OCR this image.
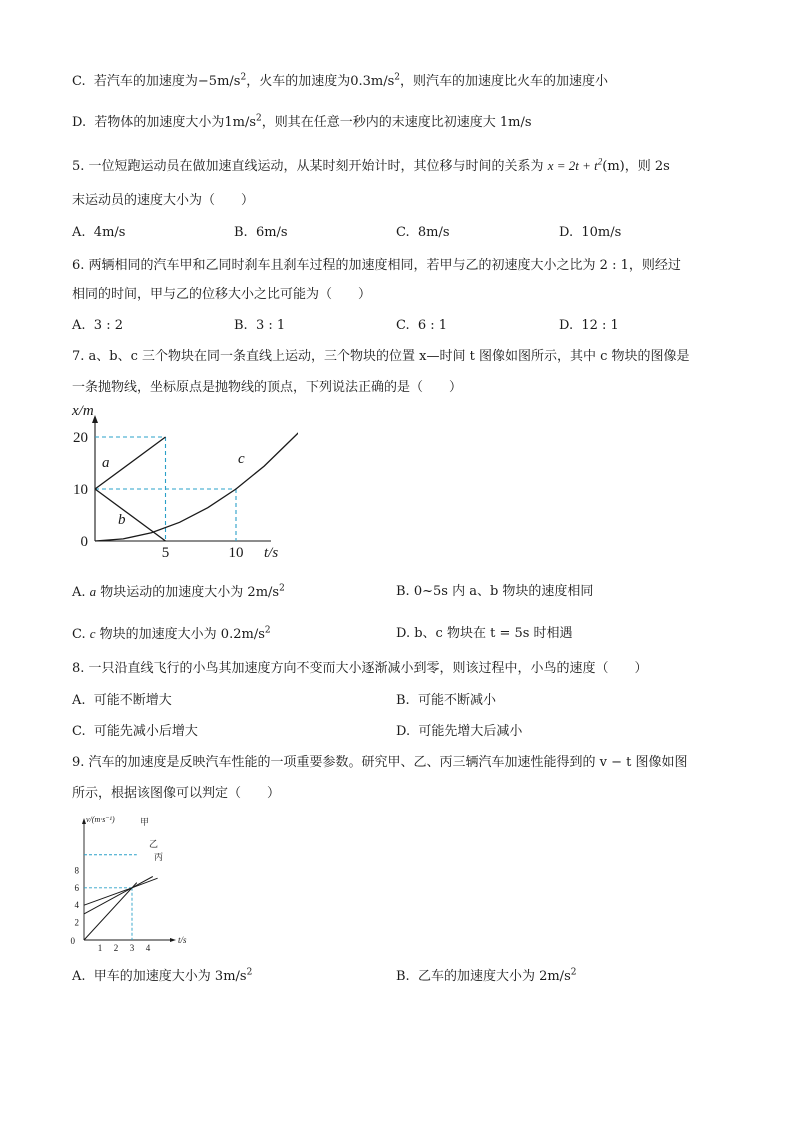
C. 若汽车的加速度为$-5m/s^2$，火车的加速度为$0.3m/s^2$，则汽车的加速度比火车的加速度小
D. 若物体的加速度大小为$1m/s^2$，则其在任意一秒内的末速度比初速度大 1m/s
5. 一位短跑运动员在做加速直线运动，从某时刻开始计时，其位移与时间的关系为 $x = 2t + t^2(m)$，则 2s
末运动员的速度大小为（　　）
A. 4m/s	B. 6m/s	C. 8m/s	D. 10m/s
6. 两辆相同的汽车甲和乙同时刹车且刹车过程的加速度相同，若甲与乙的初速度大小之比为 2 : 1，则经过
相同的时间，甲与乙的位移大小之比可能为（　　）
A. 3 : 2	B. 3 : 1	C. 6 : 1	D. 12 : 1
7. a、b、c 三个物块在同一条直线上运动，三个物块的位置 x—时间 t 图像如图所示，其中 c 物块的图像是
一条抛物线，坐标原点是抛物线的顶点，下列说法正确的是（　　）
x/m
t/s
20
10
0
5	10
a
b
c
A. a 物块运动的加速度大小为 $2m/s^2$	B. 0~5s 内 a、b 物块的速度相同
C. c 物块的加速度大小为 $0.2m/s^2$	D. b、c 物块在 t = 5s 时相遇
8. 一只沿直线飞行的小鸟其加速度方向不变而大小逐渐减小到零，则该过程中，小鸟的速度（　　）
A. 可能不断增大	B. 可能不断减小
C. 可能先减小后增大	D. 可能先增大后减小
9. 汽车的加速度是反映汽车性能的一项重要参数。研究甲、乙、丙三辆汽车加速性能得到的 v − t 图像如图
所示，根据该图像可以判定（　　）
v/(m·s⁻¹)
t/s
2
4
6
8
0
1 2 3 4
甲
乙
丙
A. 甲车的加速度大小为 $3m/s^2$	B. 乙车的加速度大小为 $2m/s^2$
